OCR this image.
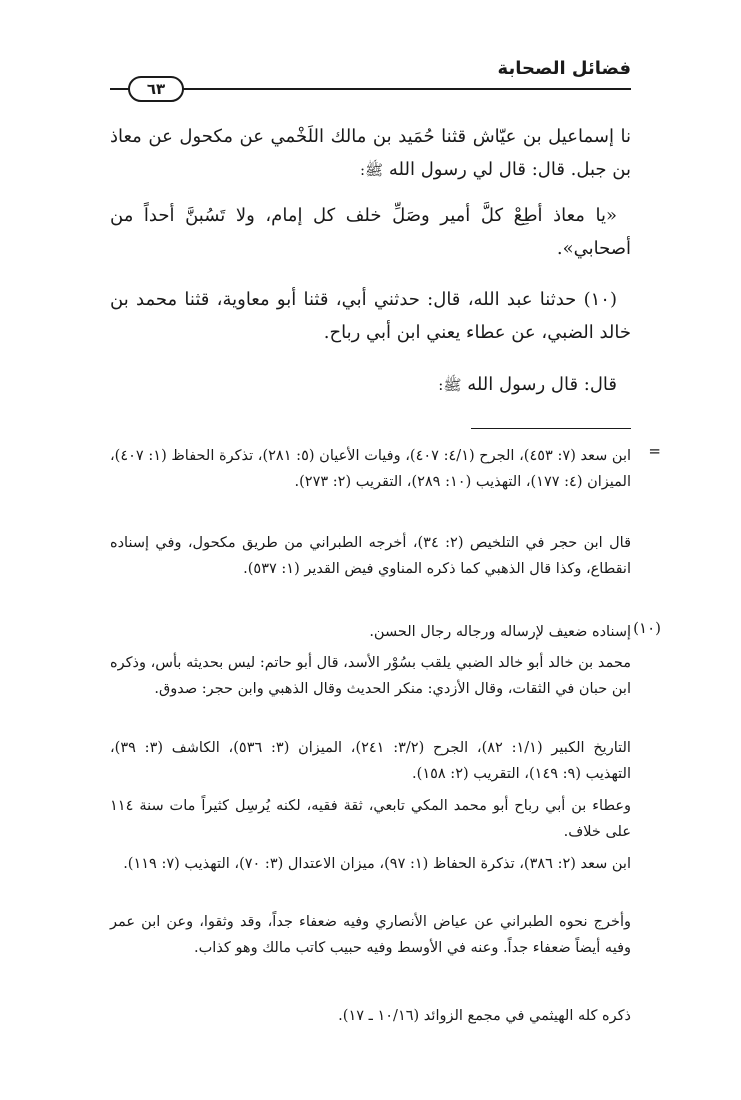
فضائل الصحابة
٦٣

نا إسماعيل بن عيّاش قثنا حُمَيد بن مالك اللَخْمي عن مكحول عن معاذ بن جبل. قال: قال لي رسول الله ﷺ:

«يا معاذ أطِعْ كلَّ أمير وصَلِّ خلف كل إمام، ولا تَسُبنَّ أحداً من أصحابي».

(١٠) حدثنا عبد الله، قال: حدثني أبي، قثنا أبو معاوية، قثنا محمد بن خالد الضبي، عن عطاء يعني ابن أبي رباح.

قال: قال رسول الله ﷺ:

=

ابن سعد (٧: ٤٥٣)، الجرح (٤/١: ٤٠٧)، وفيات الأعيان (٥: ٢٨١)، تذكرة الحفاظ (١: ٤٠٧)، الميزان (٤: ١٧٧)، التهذيب (١٠: ٢٨٩)، التقريب (٢: ٢٧٣).

قال ابن حجر في التلخيص (٢: ٣٤)، أخرجه الطبراني من طريق مكحول، وفي إسناده انقطاع، وكذا قال الذهبي كما ذكره المناوي فيض القدير (١: ٥٣٧).

(١٠)

إسناده ضعيف لإرساله ورجاله رجال الحسن.

محمد بن خالد أبو خالد الضبي يلقب بسُوْر الأسد، قال أبو حاتم: ليس بحديثه بأس، وذكره ابن حبان في الثقات، وقال الأزدي: منكر الحديث وقال الذهبي وابن حجر: صدوق.

التاريخ الكبير (١/١: ٨٢)، الجرح (٣/٢: ٢٤١)، الميزان (٣: ٥٣٦)، الكاشف (٣: ٣٩)، التهذيب (٩: ١٤٩)، التقريب (٢: ١٥٨).

وعطاء بن أبي رباح أبو محمد المكي تابعي، ثقة فقيه، لكنه يُرسِل كثيراً مات سنة ١١٤ على خلاف.

ابن سعد (٢: ٣٨٦)، تذكرة الحفاظ (١: ٩٧)، ميزان الاعتدال (٣: ٧٠)، التهذيب (٧: ١١٩).

وأخرج نحوه الطبراني عن عياض الأنصاري وفيه ضعفاء جداً، وقد وثقوا، وعن ابن عمر وفيه أيضاً ضعفاء جداً. وعنه في الأوسط وفيه حبيب كاتب مالك وهو كذاب.

ذكره كله الهيثمي في مجمع الزوائد (١٠/١٦ ـ ١٧).
